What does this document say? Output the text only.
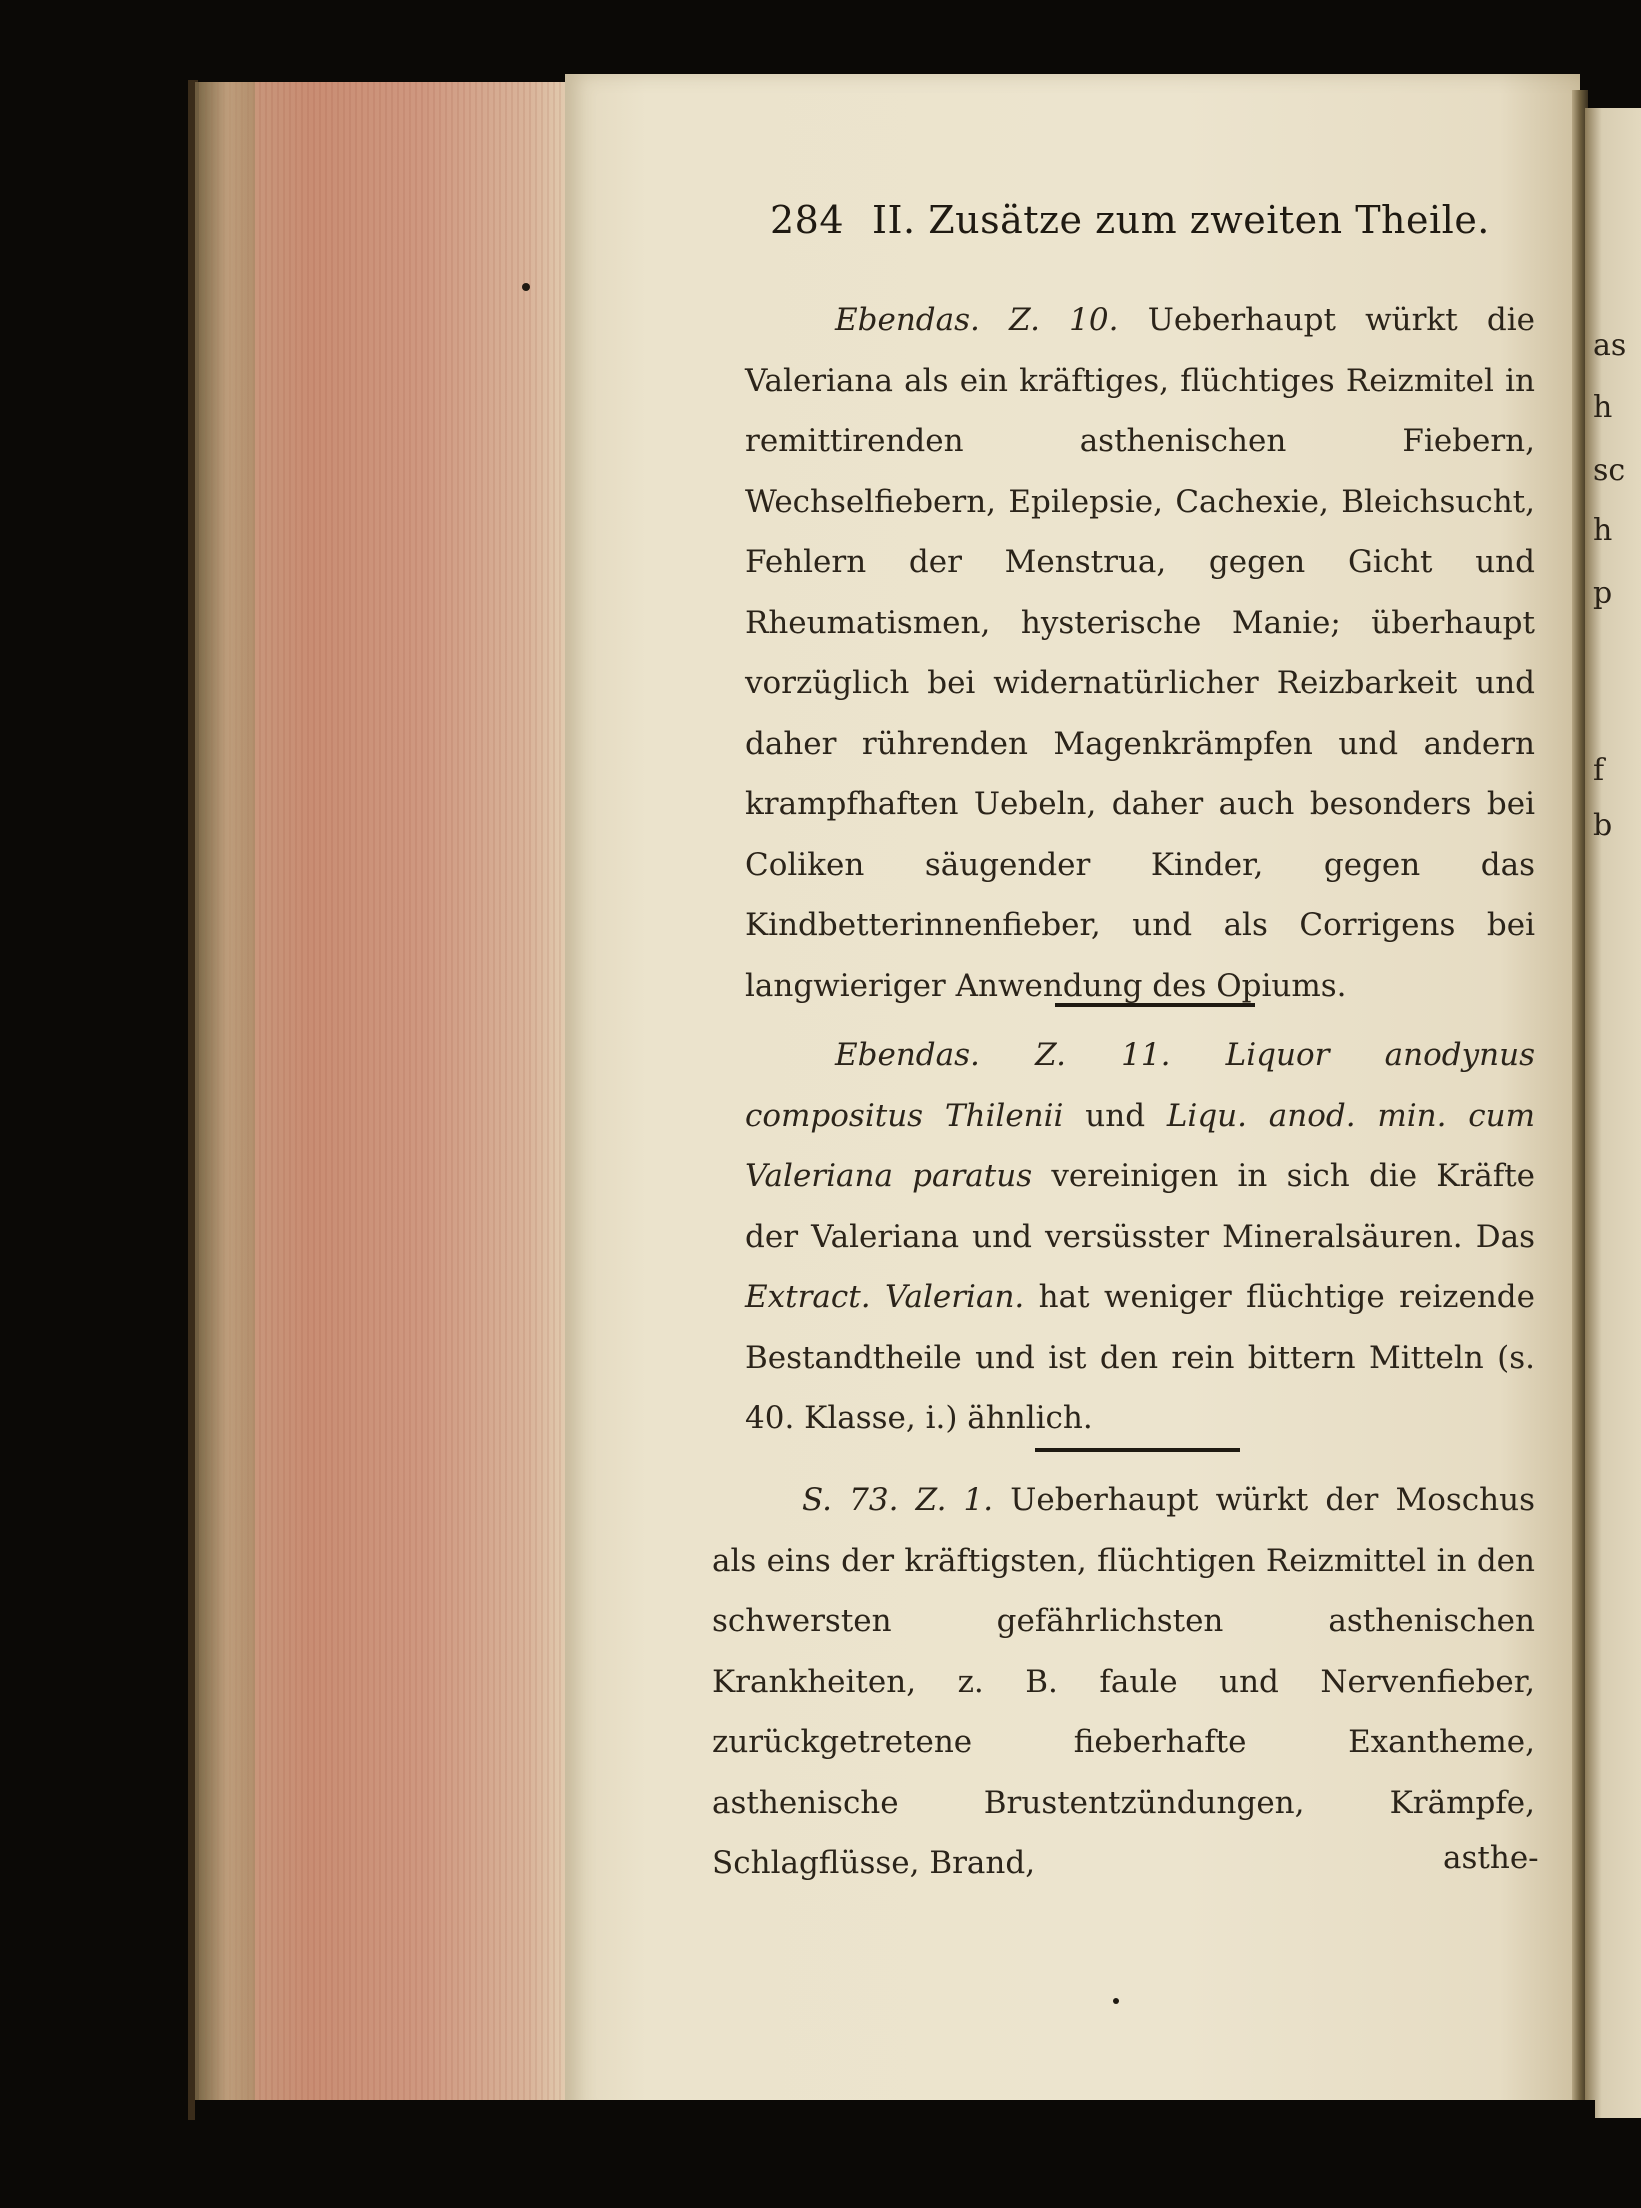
as
h
sc
h
p
f
b
284 II. Zusätze zum zweiten Theile.

Ebendas. Z. 10. Ueberhaupt würkt die Valeriana als ein kräftiges, flüchtiges Reizmitel in remittirenden asthenischen Fiebern, Wechselfiebern, Epilepsie, Cachexie, Bleichsucht, Fehlern der Menstrua, gegen Gicht und Rheumatismen, hysterische Manie; überhaupt vorzüglich bei widernatürlicher Reizbarkeit und daher rührenden Magenkrämpfen und andern krampfhaften Uebeln, daher auch besonders bei Coliken säugender Kinder, gegen das Kindbetterinnenfieber, und als Corrigens bei langwieriger Anwendung des Opiums.

Ebendas. Z. 11. Liquor anodynus compositus Thilenii und Liqu. anod. min. cum Valeriana paratus vereinigen in sich die Kräfte der Valeriana und versüsster Mineralsäuren. Das Extract. Valerian. hat weniger flüchtige reizende Bestandtheile und ist den rein bittern Mitteln (s. 40. Klasse, i.) ähnlich.

S. 73. Z. 1. Ueberhaupt würkt der Moschus als eins der kräftigsten, flüchtigen Reizmittel in den schwersten gefährlichsten asthenischen Krankheiten, z. B. faule und Nervenfieber, zurückgetretene fieberhafte Exantheme, asthenische Brustentzündungen, Krämpfe, Schlagflüsse, Brand,	asthe-
